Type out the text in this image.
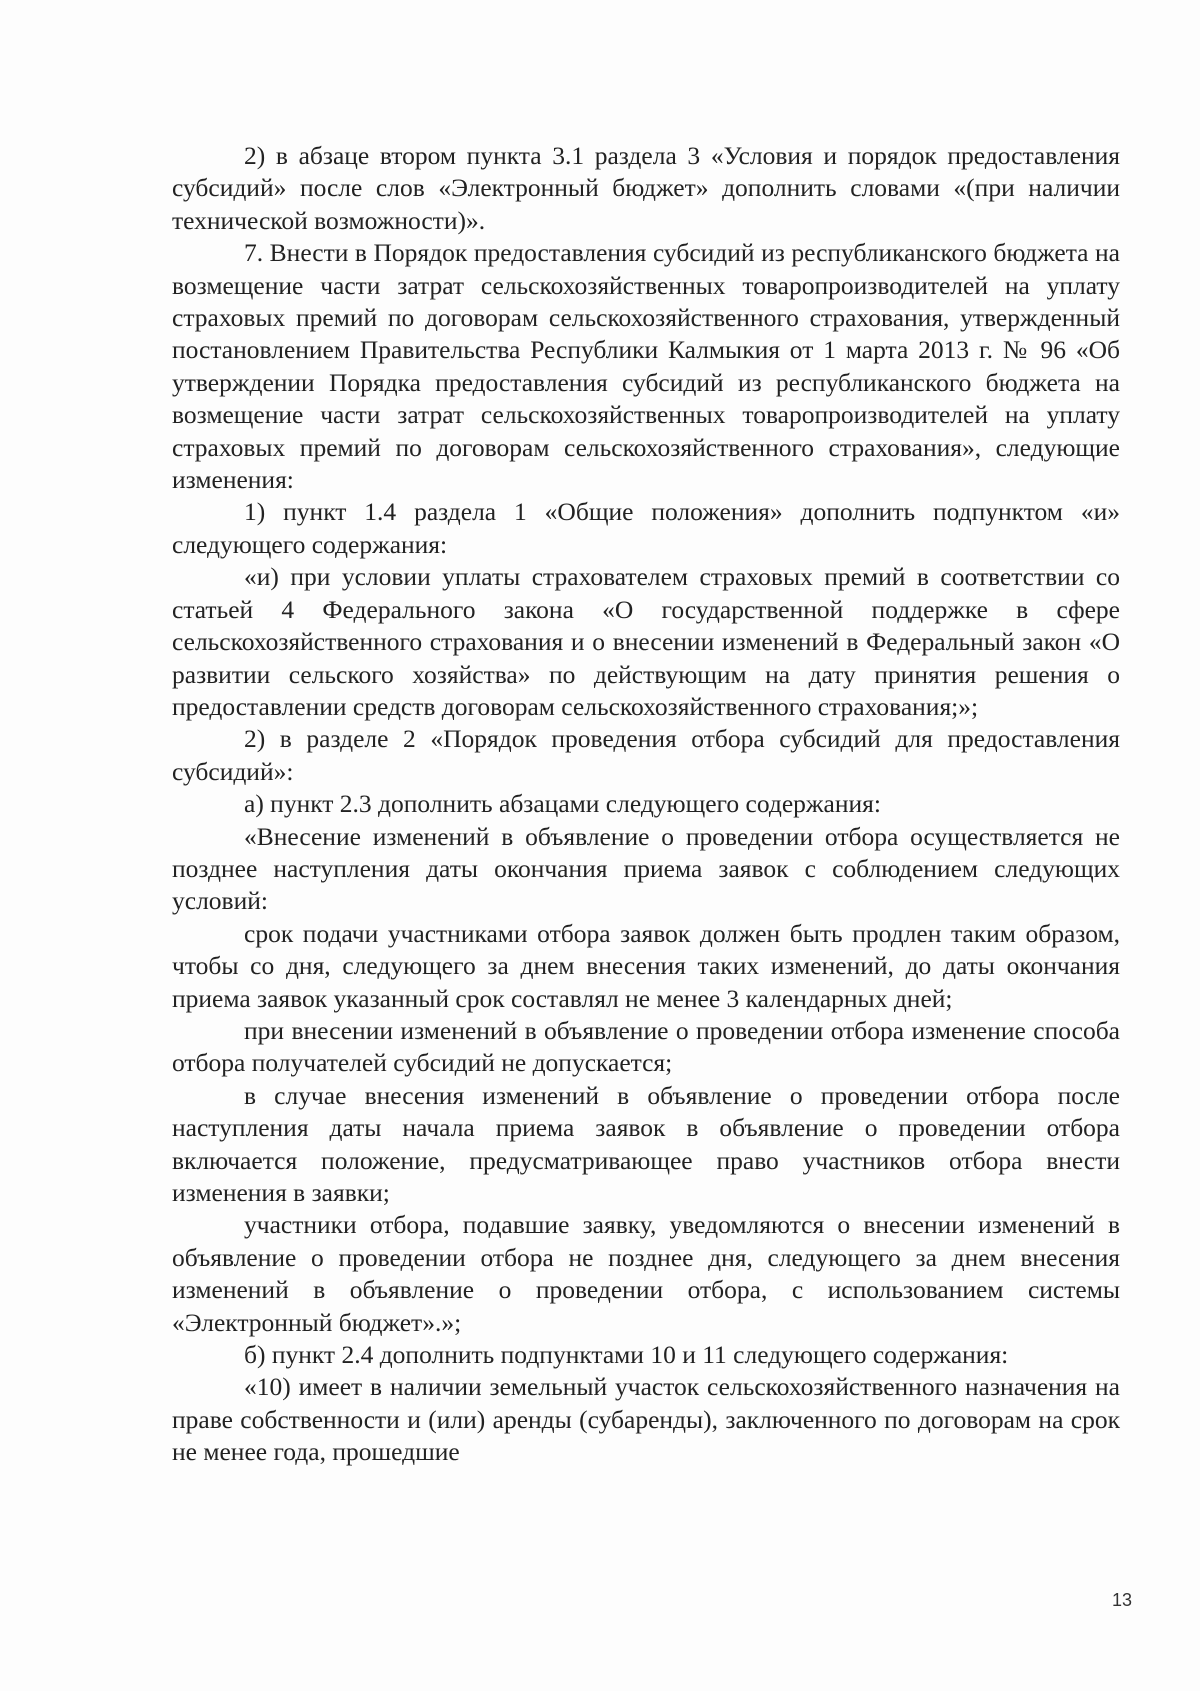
2) в абзаце втором пункта 3.1 раздела 3 «Условия и порядок предоставления субсидий» после слов «Электронный бюджет» дополнить словами «(при наличии технической возможности)».

7. Внести в Порядок предоставления субсидий из республиканского бюджета на возмещение части затрат сельскохозяйственных товаропроизводителей на уплату страховых премий по договорам сельскохозяйственного страхования, утвержденный постановлением Правительства Республики Калмыкия от 1 марта 2013 г. № 96 «Об утверждении Порядка предоставления субсидий из республиканского бюджета на возмещение части затрат сельскохозяйственных товаропроизводителей на уплату страховых премий по договорам сельскохозяйственного страхования», следующие изменения:

1) пункт 1.4 раздела 1 «Общие положения» дополнить подпунктом «и» следующего содержания:

«и) при условии уплаты страхователем страховых премий в соответствии со статьей 4 Федерального закона «О государственной поддержке в сфере сельскохозяйственного страхования и о внесении изменений в Федеральный закон «О развитии сельского хозяйства» по действующим на дату принятия решения о предоставлении средств договорам сельскохозяйственного страхования;»;

2) в разделе 2 «Порядок проведения отбора субсидий для предоставления субсидий»:

а) пункт 2.3 дополнить абзацами следующего содержания:

«Внесение изменений в объявление о проведении отбора осуществляется не позднее наступления даты окончания приема заявок с соблюдением следующих условий:

срок подачи участниками отбора заявок должен быть продлен таким образом, чтобы со дня, следующего за днем внесения таких изменений, до даты окончания приема заявок указанный срок составлял не менее 3 календарных дней;

при внесении изменений в объявление о проведении отбора изменение способа отбора получателей субсидий не допускается;

в случае внесения изменений в объявление о проведении отбора после наступления даты начала приема заявок в объявление о проведении отбора включается положение, предусматривающее право участников отбора внести изменения в заявки;

участники отбора, подавшие заявку, уведомляются о внесении изменений в объявление о проведении отбора не позднее дня, следующего за днем внесения изменений в объявление о проведении отбора, с использованием системы «Электронный бюджет».»;

б) пункт 2.4 дополнить подпунктами 10 и 11 следующего содержания:

«10) имеет в наличии земельный участок сельскохозяйственного назначения на праве собственности и (или) аренды (субаренды), заключенного по договорам на срок не менее года, прошедшие

13
